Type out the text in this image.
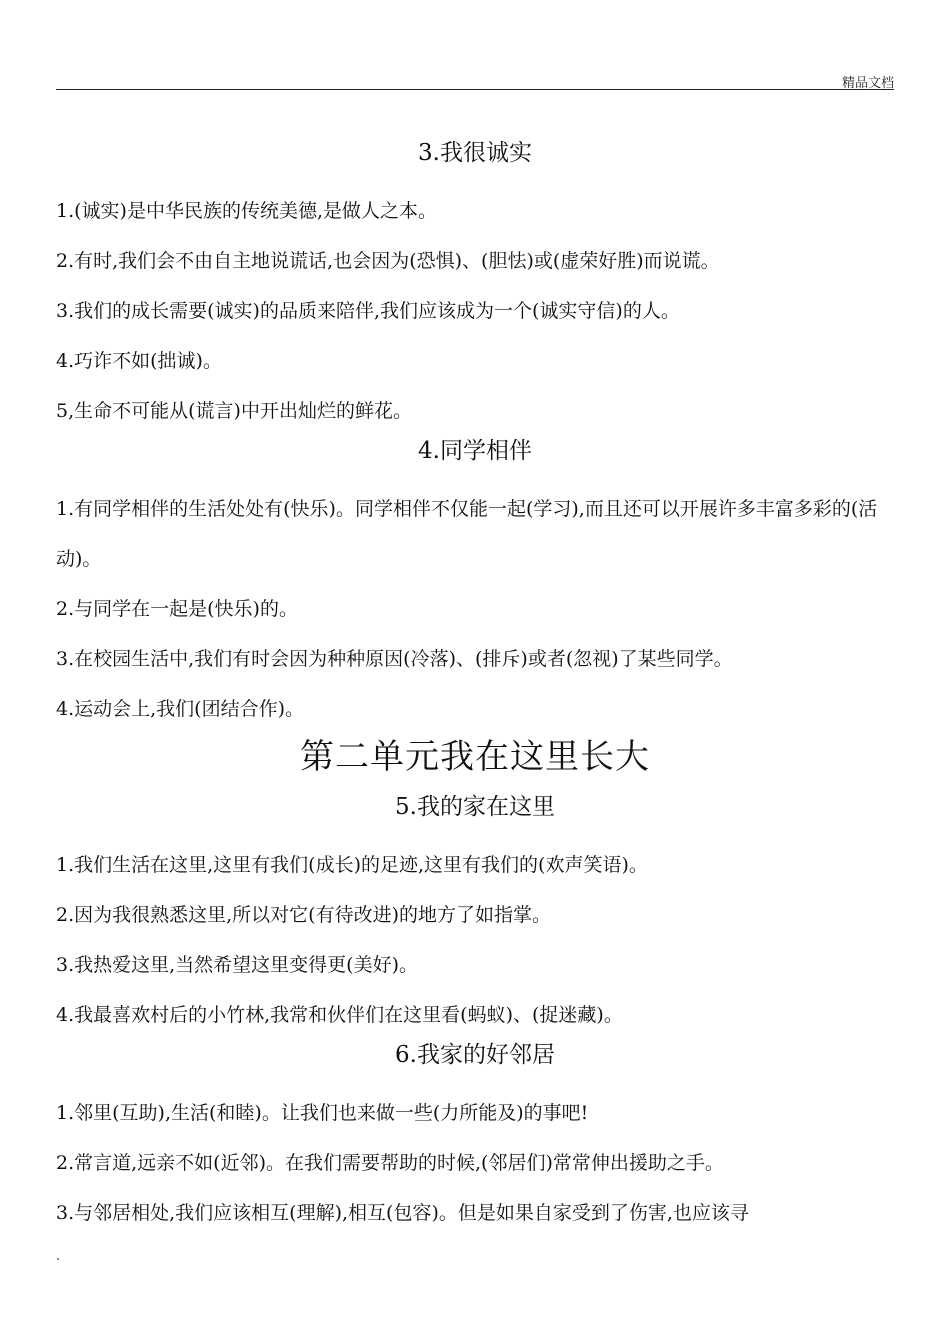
精品文档
3.我很诚实

1.(诚实)是中华民族的传统美德,是做人之本。

2.有时,我们会不由自主地说谎话,也会因为(恐惧)、(胆怯)或(虚荣好胜)而说谎。

3.我们的成长需要(诚实)的品质来陪伴,我们应该成为一个(诚实守信)的人。

4.巧诈不如(拙诚)。

5,生命不可能从(谎言)中开出灿烂的鲜花。

4.同学相伴

1.有同学相伴的生活处处有(快乐)。同学相伴不仅能一起(学习),而且还可以开展许多丰富多彩的(活动)。

2.与同学在一起是(快乐)的。

3.在校园生活中,我们有时会因为种种原因(冷落)、(排斥)或者(忽视)了某些同学。

4.运动会上,我们(团结合作)。

第二单元我在这里长大
5.我的家在这里

1.我们生活在这里,这里有我们(成长)的足迹,这里有我们的(欢声笑语)。

2.因为我很熟悉这里,所以对它(有待改进)的地方了如指掌。

3.我热爱这里,当然希望这里变得更(美好)。

4.我最喜欢村后的小竹林,我常和伙伴们在这里看(蚂蚁)、(捉迷藏)。

6.我家的好邻居

1.邻里(互助),生活(和睦)。让我们也来做一些(力所能及)的事吧!

2.常言道,远亲不如(近邻)。在我们需要帮助的时候,(邻居们)常常伸出援助之手。

3.与邻居相处,我们应该相互(理解),相互(包容)。但是如果自家受到了伤害,也应该寻
